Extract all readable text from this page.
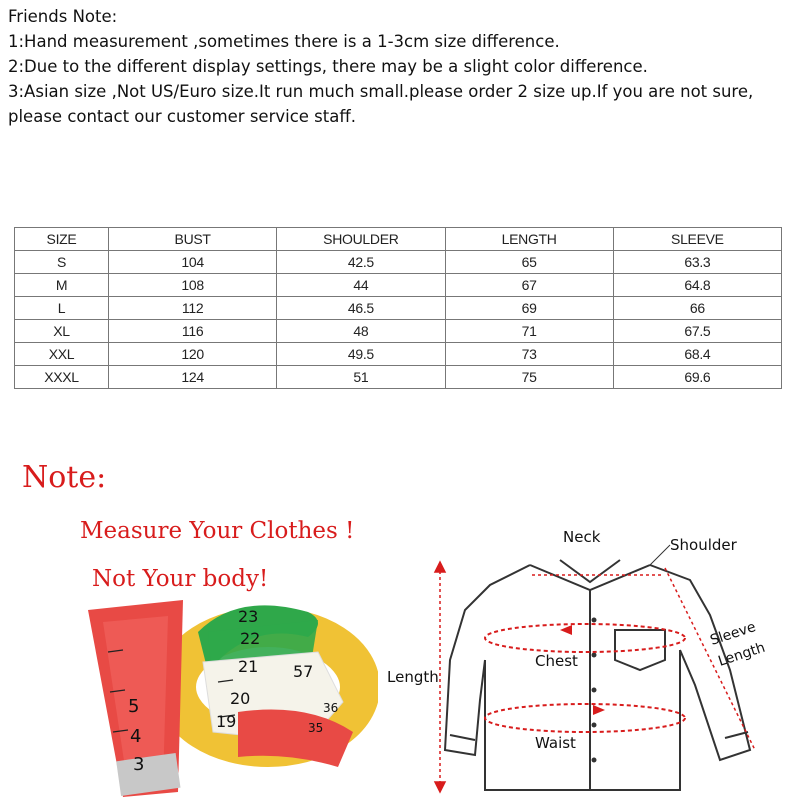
Friends Note:
1:Hand measurement ,sometimes there is a 1-3cm size difference.
2:Due to the different display settings, there may be a slight color difference.
3:Asian size ,Not US/Euro size.It run much small.please order 2 size up.If you are not sure, please contact our customer service staff.

SIZE	BUST	SHOULDER	LENGTH	SLEEVE
S	104	42.5	65	63.3
M	108	44	67	64.8
L	112	46.5	69	66
XL	116	48	71	67.5
XXL	120	49.5	73	68.4
XXXL	124	51	75	69.6

Note:
Measure Your Clothes !
Not Your body!
5
4
3
23
22
21
20
19
57
36
35
Neck	Shoulder
Sleeve
Length
Chest
Length
Waist
